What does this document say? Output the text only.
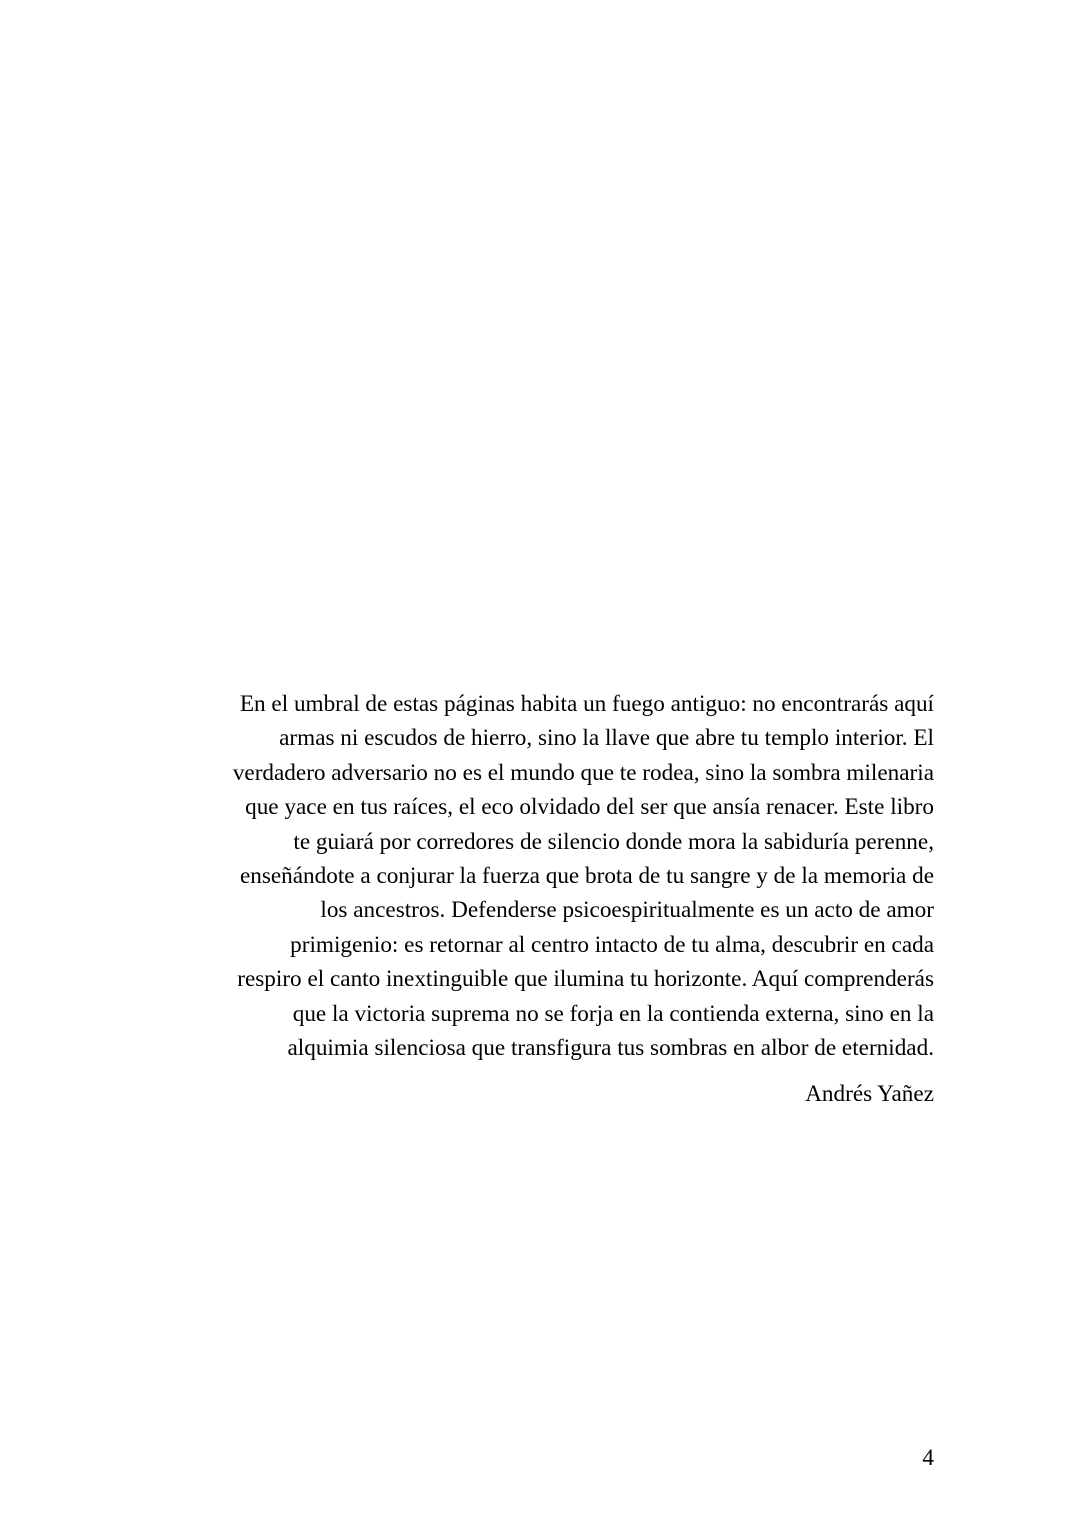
En el umbral de estas páginas habita un fuego antiguo: no encontrarás aquí
armas ni escudos de hierro, sino la llave que abre tu templo interior. El
verdadero adversario no es el mundo que te rodea, sino la sombra milenaria
que yace en tus raíces, el eco olvidado del ser que ansía renacer. Este libro
te guiará por corredores de silencio donde mora la sabiduría perenne,
enseñándote a conjurar la fuerza que brota de tu sangre y de la memoria de
los ancestros. Defenderse psicoespiritualmente es un acto de amor
primigenio: es retornar al centro intacto de tu alma, descubrir en cada
respiro el canto inextinguible que ilumina tu horizonte. Aquí comprenderás
que la victoria suprema no se forja en la contienda externa, sino en la
alquimia silenciosa que transfigura tus sombras en albor de eternidad.
Andrés Yañez
4
